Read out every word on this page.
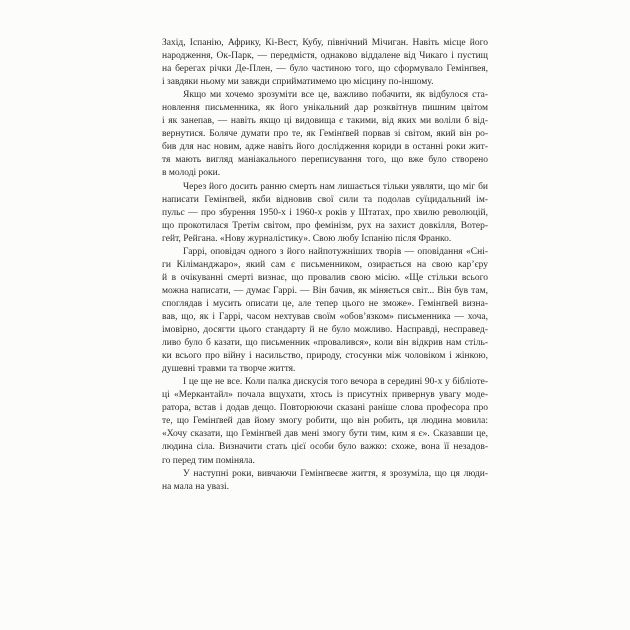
Захід, Іспанію, Африку, Кі-Вест, Кубу, північний Мічиган. Навіть місце його
народження, Ок-Парк, — передмістя, однаково віддалене від Чикаго і пустищ
на берегах річки Де-Плен, — було частиною того, що сформувало Гемінґвея,
і завдяки ньому ми завжди сприйматимемо цю місцину по-іншому.
Якщо ми хочемо зрозуміти все це, важливо побачити, як відбулося ста-
новлення письменника, як його унікальний дар розквітнув пишним цвітом
і як занепав, — навіть якщо ці видовища є такими, від яких ми воліли б від-
вернутися. Боляче думати про те, як Гемінґвей порвав зі світом, який він ро-
бив для нас новим, адже навіть його дослідження кориди в останні роки жит-
тя мають вигляд маніакального переписування того, що вже було створено
в молоді роки.
Через його досить ранню смерть нам лишається тільки уявляти, що міг би
написати Гемінґвей, якби відновив свої сили та подолав суїцидальний ім-
пульс — про збурення 1950-х і 1960-х років у Штатах, про хвилю революцій,
що прокотилася Третім світом, про фемінізм, рух на захист довкілля, Вотер-
гейт, Рейгана. «Нову журналістику». Свою любу Іспанію після Франко.
Гаррі, оповідач одного з його найпотужніших творів — оповідання «Сні-
ги Кіліманджаро», який сам є письменником, озирається на свою кар’єру
й в очікуванні смерті визнає, що провалив свою місію. «Ще стільки всього
можна написати, — думає Гаррі. — Він бачив, як міняється світ... Він був там,
споглядав і мусить описати це, але тепер цього не зможе». Гемінґвей визна-
вав, що, як і Гаррі, часом нехтував своїм «обов’язком» письменника — хоча,
імовірно, досягти цього стандарту й не було можливо. Насправді, несправед-
ливо було б казати, що письменник «провалився», коли він відкрив нам стіль-
ки всього про війну і насильство, природу, стосунки між чоловіком і жінкою,
душевні травми та творче життя.
І це ще не все. Коли палка дискусія того вечора в середині 90-х у бібліоте-
ці «Меркантайл» почала вщухати, хтось із присутніх привернув увагу моде-
ратора, встав і додав дещо. Повторюючи сказані раніше слова професора про
те, що Гемінґвей дав йому змогу робити, що він робить, ця людина мовила:
«Хочу сказати, що Гемінґвей дав мені змогу бути тим, ким я є». Сказавши це,
людина сіла. Визначити стать цієї особи було важко: схоже, вона її незадов-
го перед тим поміняла.
У наступні роки, вивчаючи Гемінґвеєве життя, я зрозуміла, що ця люди-
на мала на увазі.
